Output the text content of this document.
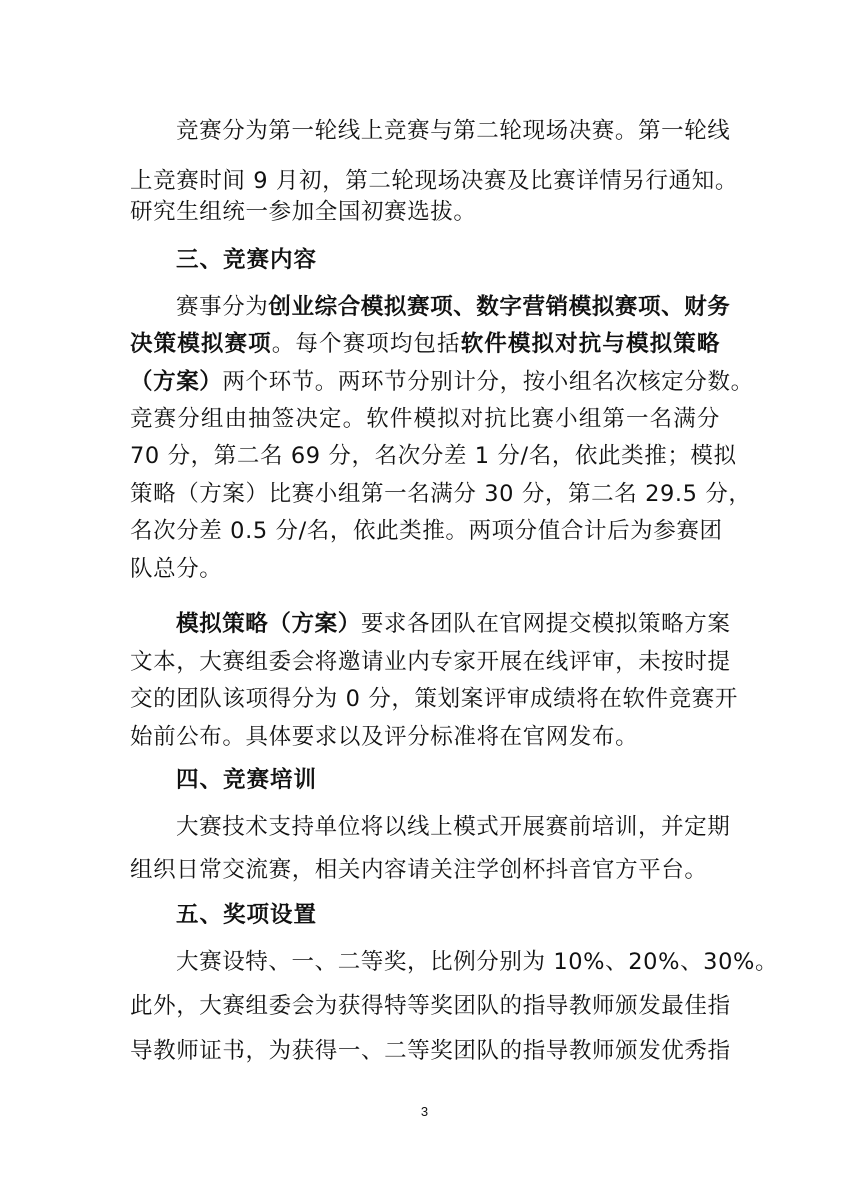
竞赛分为第一轮线上竞赛与第二轮现场决赛。第一轮线
上竞赛时间 9 月初，第二轮现场决赛及比赛详情另行通知。
研究生组统一参加全国初赛选拔。
三、竞赛内容
赛事分为创业综合模拟赛项、数字营销模拟赛项、财务
决策模拟赛项。每个赛项均包括软件模拟对抗与模拟策略
（方案）两个环节。两环节分别计分，按小组名次核定分数。
竞赛分组由抽签决定。软件模拟对抗比赛小组第一名满分
70 分，第二名 69 分，名次分差 1 分/名，依此类推；模拟
策略（方案）比赛小组第一名满分 30 分，第二名 29.5 分，
名次分差 0.5 分/名，依此类推。两项分值合计后为参赛团
队总分。
模拟策略（方案）要求各团队在官网提交模拟策略方案
文本，大赛组委会将邀请业内专家开展在线评审，未按时提
交的团队该项得分为 0 分，策划案评审成绩将在软件竞赛开
始前公布。具体要求以及评分标准将在官网发布。
四、竞赛培训
大赛技术支持单位将以线上模式开展赛前培训，并定期
组织日常交流赛，相关内容请关注学创杯抖音官方平台。
五、奖项设置
大赛设特、一、二等奖，比例分别为 10%、20%、30%。
此外，大赛组委会为获得特等奖团队的指导教师颁发最佳指
导教师证书，为获得一、二等奖团队的指导教师颁发优秀指
3
